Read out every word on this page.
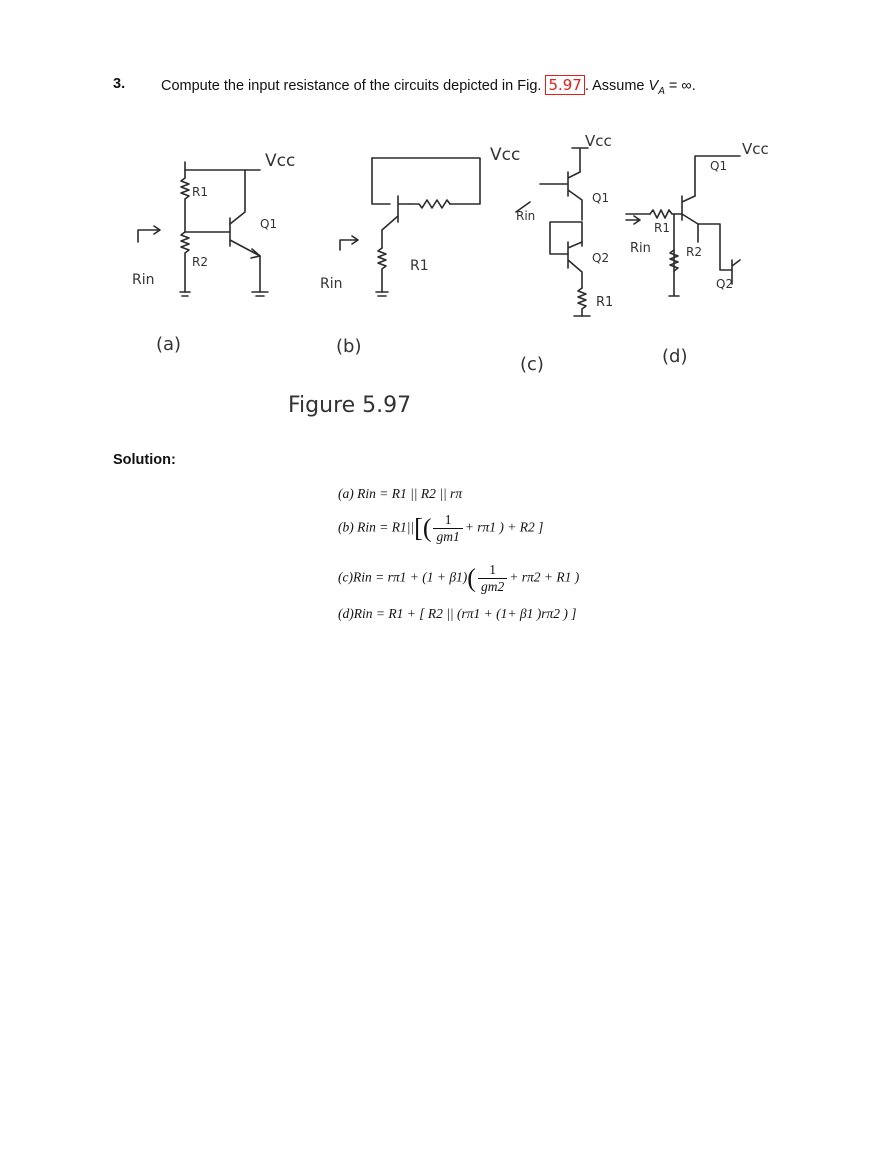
3. Compute the input resistance of the circuits depicted in Fig. 5.97 . Assume $V_A$ = ∞.
Vcc
R1
R2
Q1
Rin
(a)
Vcc
R1
Rin
(b)
Vcc
Rin
Q1
Q2
R1
(c)
Vcc
Rin
R1
R2
Q1
Q2
(d)
Figure 5.97
Solution:
(a) Rin = R1 || R2 || rπ
(b) Rin = $R1||[( \frac{1}{gm1} + r\pi 1$ ) + R2 ]
$(c)Rin = r\pi 1 + (1 + \beta 1)( \frac{1}{gm2} + r\pi 2 + R1$ )
(d)Rin = R1 + [ R2 || (rπ1 + (1+ β1 )rπ2 ) ]
